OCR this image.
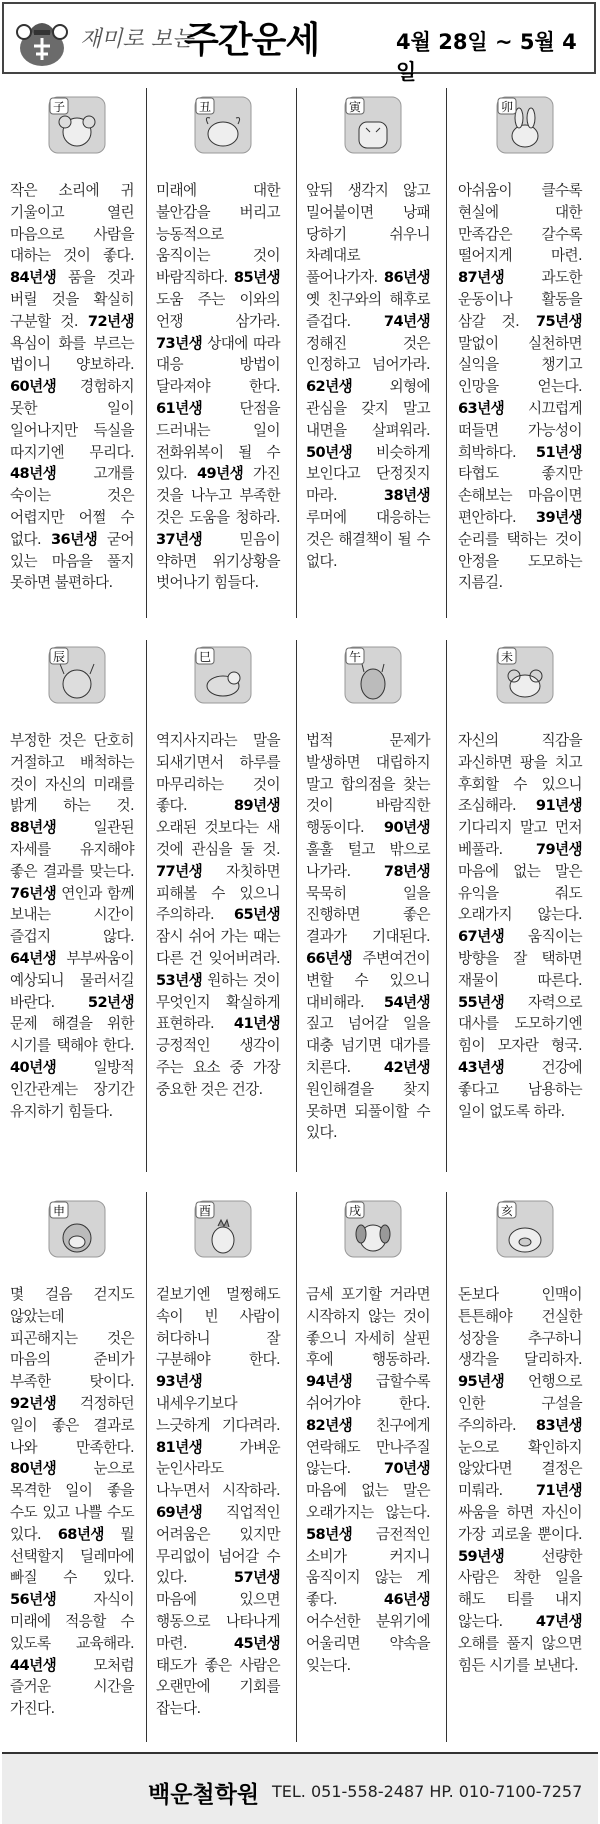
재미로 보는
주간운세	4월 28일 ~ 5월 4일
子
작은 소리에 귀 기울이고 열린 마음으로 사람을 대하는 것이 좋다. 84년생 품을 것과 버릴 것을 확실히 구분할 것. 72년생 욕심이 화를 부르는 법이니 양보하라. 60년생 경험하지 못한 일이 일어나지만 득실을 따지기엔 무리다. 48년생 고개를 숙이는 것은 어렵지만 어쩔 수 없다. 36년생 굳어 있는 마음을 풀지 못하면 불편하다.
丑
미래에 대한 불안감을 버리고 능동적으로 움직이는 것이 바람직하다. 85년생 도움 주는 이와의 언쟁 삼가라. 73년생 상대에 따라 대응 방법이 달라져야 한다. 61년생 단점을 드러내는 일이 전화위복이 될 수 있다. 49년생 가진 것을 나누고 부족한 것은 도움을 청하라. 37년생 믿음이 약하면 위기상황을 벗어나기 힘들다.
寅
앞뒤 생각지 않고 밀어붙이면 낭패 당하기 쉬우니 차례대로 풀어나가자. 86년생 옛 친구와의 해후로 즐겁다. 74년생 정해진 것은 인정하고 넘어가라. 62년생 외형에 관심을 갖지 말고 내면을 살펴워라. 50년생 비슷하게 보인다고 단정짓지 마라. 38년생 루머에 대응하는 것은 해결책이 될 수 없다.
卯
아쉬움이 클수록 현실에 대한 만족감은 갈수록 떨어지게 마련. 87년생 과도한 운동이나 활동을 삼갈 것. 75년생 말없이 실천하면 실익을 챙기고 인망을 얻는다. 63년생 시끄럽게 떠들면 가능성이 희박하다. 51년생 타협도 좋지만 손해보는 마음이면 편안하다. 39년생 순리를 택하는 것이 안정을 도모하는 지름길.
辰
부정한 것은 단호히 거절하고 배척하는 것이 자신의 미래를 밝게 하는 것. 88년생 일관된 자세를 유지해야 좋은 결과를 맞는다. 76년생 연인과 함께 보내는 시간이 즐겁지 않다. 64년생 부부싸움이 예상되니 물러서길 바란다. 52년생 문제 해결을 위한 시기를 택해야 한다. 40년생 일방적 인간관계는 장기간 유지하기 힘들다.
巳
역지사지라는 말을 되새기면서 하루를 마무리하는 것이 좋다. 89년생 오래된 것보다는 새 것에 관심을 둘 것. 77년생 자칫하면 피해볼 수 있으니 주의하라. 65년생 잠시 쉬어 가는 때는 다른 건 잊어버려라. 53년생 원하는 것이 무엇인지 확실하게 표현하라. 41년생 긍정적인 생각이 주는 요소 중 가장 중요한 것은 건강.
午
법적 문제가 발생하면 대립하지 말고 합의점을 찾는 것이 바람직한 행동이다. 90년생 훌훌 털고 밖으로 나가라. 78년생 묵묵히 일을 진행하면 좋은 결과가 기대된다. 66년생 주변여건이 변할 수 있으니 대비해라. 54년생 짚고 넘어갈 일을 대충 넘기면 대가를 치른다. 42년생 원인해결을 찾지 못하면 되풀이할 수 있다.
未
자신의 직감을 과신하면 팡을 치고 후회할 수 있으니 조심해라. 91년생 기다리지 말고 먼저 베풀라. 79년생 마음에 없는 말은 유익을 줘도 오래가지 않는다. 67년생 움직이는 방향을 잘 택하면 재물이 따른다. 55년생 자력으로 대사를 도모하기엔 힘이 모자란 형국. 43년생 건강에 좋다고 남용하는 일이 없도록 하라.
申
몇 걸음 걷지도 않았는데 피곤해지는 것은 마음의 준비가 부족한 탓이다. 92년생 걱정하던 일이 좋은 결과로 나와 만족한다. 80년생 눈으로 목격한 일이 좋을 수도 있고 나쁠 수도 있다. 68년생 뭘 선택할지 딜레마에 빠질 수 있다. 56년생 자식이 미래에 적응할 수 있도록 교육해라. 44년생 모처럼 즐거운 시간을 가진다.
酉
겉보기엔 멀쩡해도 속이 빈 사람이 허다하니 잘 구분해야 한다. 93년생 내세우기보다 느긋하게 기다려라. 81년생 가벼운 눈인사라도 나누면서 시작하라. 69년생 직업적인 어려움은 있지만 무리없이 넘어갈 수 있다. 57년생 마음에 있으면 행동으로 나타나게 마련. 45년생 태도가 좋은 사람은 오랜만에 기회를 잡는다.
戌
금세 포기할 거라면 시작하지 않는 것이 좋으니 자세히 살핀 후에 행동하라. 94년생 급할수록 쉬어가야 한다. 82년생 친구에게 연락해도 만나주질 않는다. 70년생 마음에 없는 말은 오래가지는 않는다. 58년생 금전적인 소비가 커지니 움직이지 않는 게 좋다. 46년생 어수선한 분위기에 어울리면 약속을 잊는다.
亥
돈보다 인맥이 튼튼해야 건실한 성장을 추구하니 생각을 달리하자. 95년생 언행으로 인한 구설을 주의하라. 83년생 눈으로 확인하지 않았다면 결정은 미뤄라. 71년생 싸움을 하면 자신이 가장 괴로울 뿐이다. 59년생 선량한 사람은 착한 일을 해도 티를 내지 않는다. 47년생 오해를 풀지 않으면 힘든 시기를 보낸다.
백운철학원 TEL. 051-558-2487 HP. 010-7100-7257
